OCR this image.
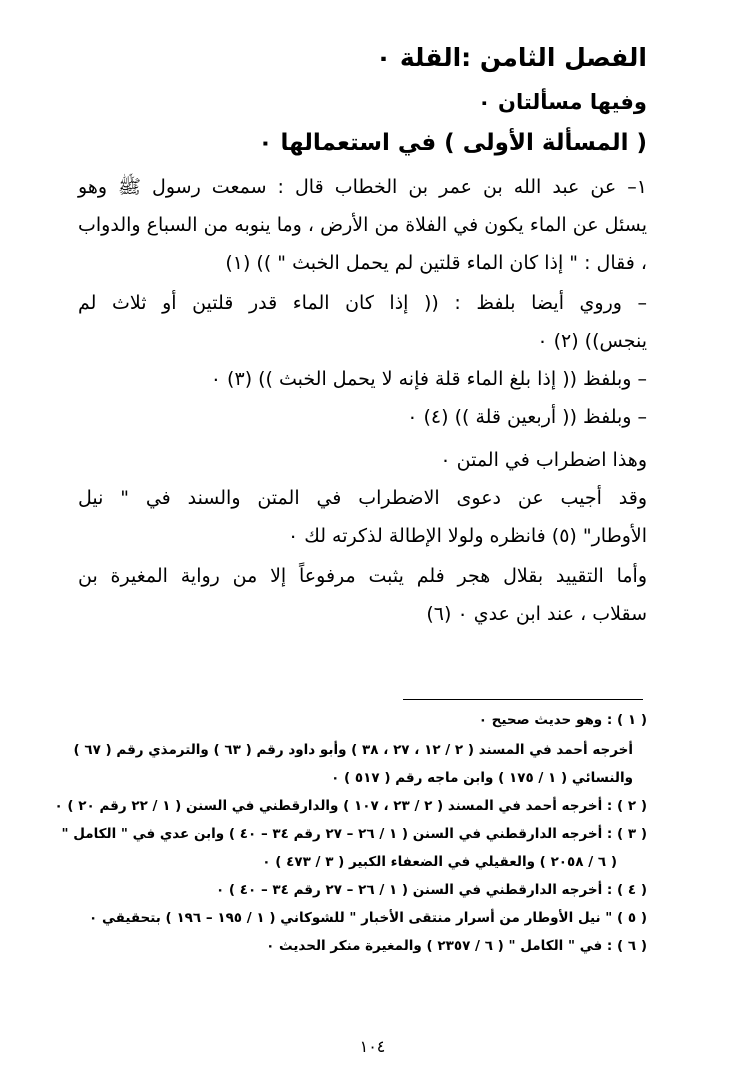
الفصل الثامن :القلة ٠
وفيها مسألتان ٠
( المسألة الأولى ) في استعمالها ٠
١– عن عبد الله بن عمر بن الخطاب قال : سمعت رسول ﷺ وهو
يسئل عن الماء يكون في الفلاة من الأرض ، وما ينوبه من السباع والدواب
، فقال : " إذا كان الماء قلتين لم يحمل الخبث " )) (١)
– وروي أيضا بلفظ : (( إذا كان الماء قدر قلتين أو ثلاث لم
ينجس)) (٢) ٠
– وبلفظ (( إذا بلغ الماء قلة فإنه لا يحمل الخبث )) (٣) ٠
– وبلفظ (( أربعين قلة )) (٤) ٠
وهذا اضطراب في المتن ٠
وقد أجيب عن دعوى الاضطراب في المتن والسند في " نيل
الأوطار" (٥) فانظره ولولا الإطالة لذكرته لك ٠
وأما التقييد بقلال هجر فلم يثبت مرفوعاً إلا من رواية المغيرة بن
سقلاب ، عند ابن عدي ٠ (٦)
( ١ ) : وهو حديث صحيح ٠
أخرجه أحمد في المسند ( ٢ / ١٢ ، ٢٧ ، ٣٨ ) وأبو داود رقم ( ٦٣ ) والترمذي رقم ( ٦٧ )
والنسائي ( ١ / ١٧٥ ) وابن ماجه رقم ( ٥١٧ ) ٠
( ٢ ) : أخرجه أحمد في المسند ( ٢ / ٢٣ ، ١٠٧ ) والدارقطني في السنن ( ١ / ٢٢ رقم ٢٠ ) ٠
( ٣ ) : أخرجه الدارقطني في السنن ( ١ / ٢٦ – ٢٧ رقم ٣٤ – ٤٠ ) وابن عدي في " الكامل "
( ٦ / ٢٠٥٨ ) والعقيلي في الضعفاء الكبير ( ٣ / ٤٧٣ ) ٠
( ٤ ) : أخرجه الدارقطني في السنن ( ١ / ٢٦ – ٢٧ رقم ٣٤ – ٤٠ ) ٠
( ٥ ) " نيل الأوطار من أسرار منتقى الأخبار " للشوكاني ( ١ / ١٩٥ – ١٩٦ ) بتحقيقي ٠
( ٦ ) : في " الكامل " ( ٦ / ٢٣٥٧ ) والمغيرة منكر الحديث ٠
١٠٤
